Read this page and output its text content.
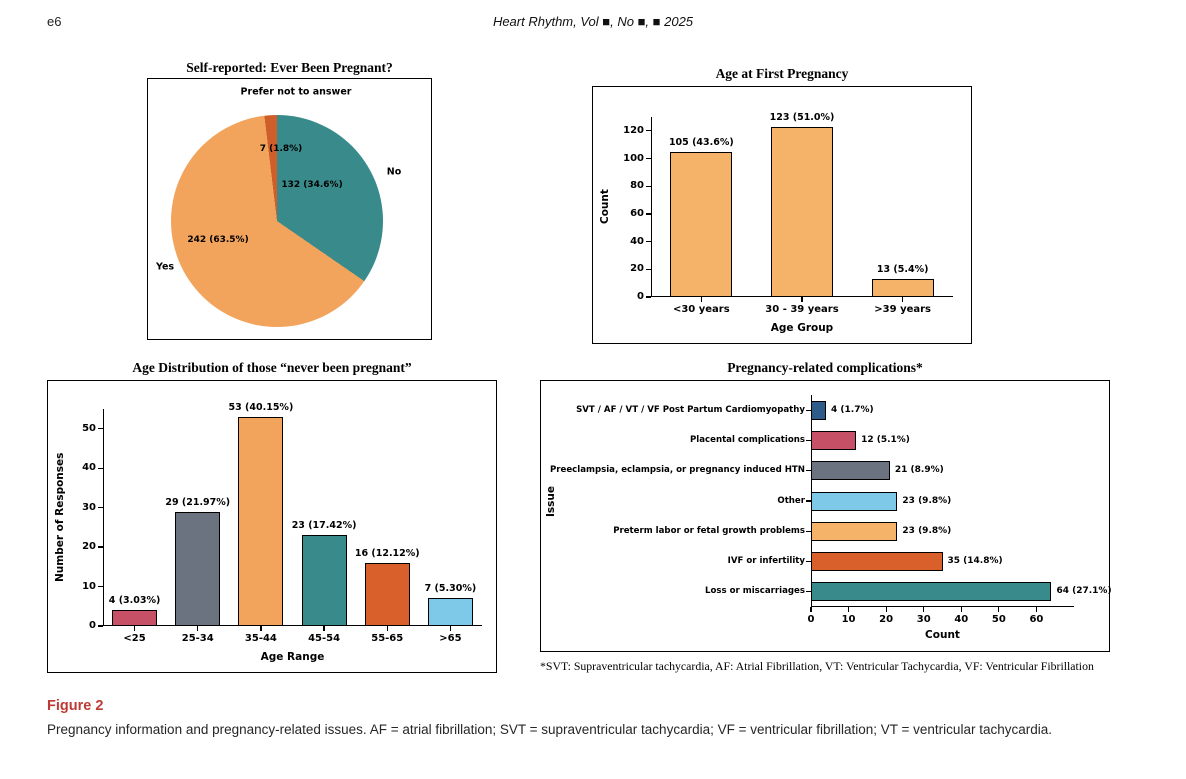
e6	Heart Rhythm, Vol ■, No ■, ■ 2025
Self-reported: Ever Been Pregnant?
Prefer not to answer
7 (1.8%)
No
132 (34.6%)
Yes
242 (63.5%)
Age at First Pregnancy
Count
0
20
40
60
80
100
120
105 (43.6%)
<30 years
123 (51.0%)
30 - 39 years
13 (5.4%)
>39 years
Age Group
Age Distribution of those “never been pregnant”
Number of Responses
0
10
20
30
40
50
4 (3.03%)
<25
29 (21.97%)
25-34
53 (40.15%)
35-44
23 (17.42%)
45-54
16 (12.12%)
55-65
7 (5.30%)
>65
Age Range
Pregnancy-related complications*
Issue
0	10	20	30	40	50	60
SVT / AF / VT / VF Post Partum Cardiomyopathy	4 (1.7%)
Placental complications	12 (5.1%)
Preeclampsia, eclampsia, or pregnancy induced HTN	21 (8.9%)
Other	23 (9.8%)
Preterm labor or fetal growth problems	23 (9.8%)
IVF or infertility	35 (14.8%)
Loss or miscarriages	64 (27.1%)
Count
*SVT: Supraventricular tachycardia, AF: Atrial Fibrillation, VT: Ventricular Tachycardia, VF: Ventricular Fibrillation
Figure 2
Pregnancy information and pregnancy-related issues. AF = atrial fibrillation; SVT = supraventricular tachycardia; VF = ventricular fibrillation; VT = ventricular tachycardia.
